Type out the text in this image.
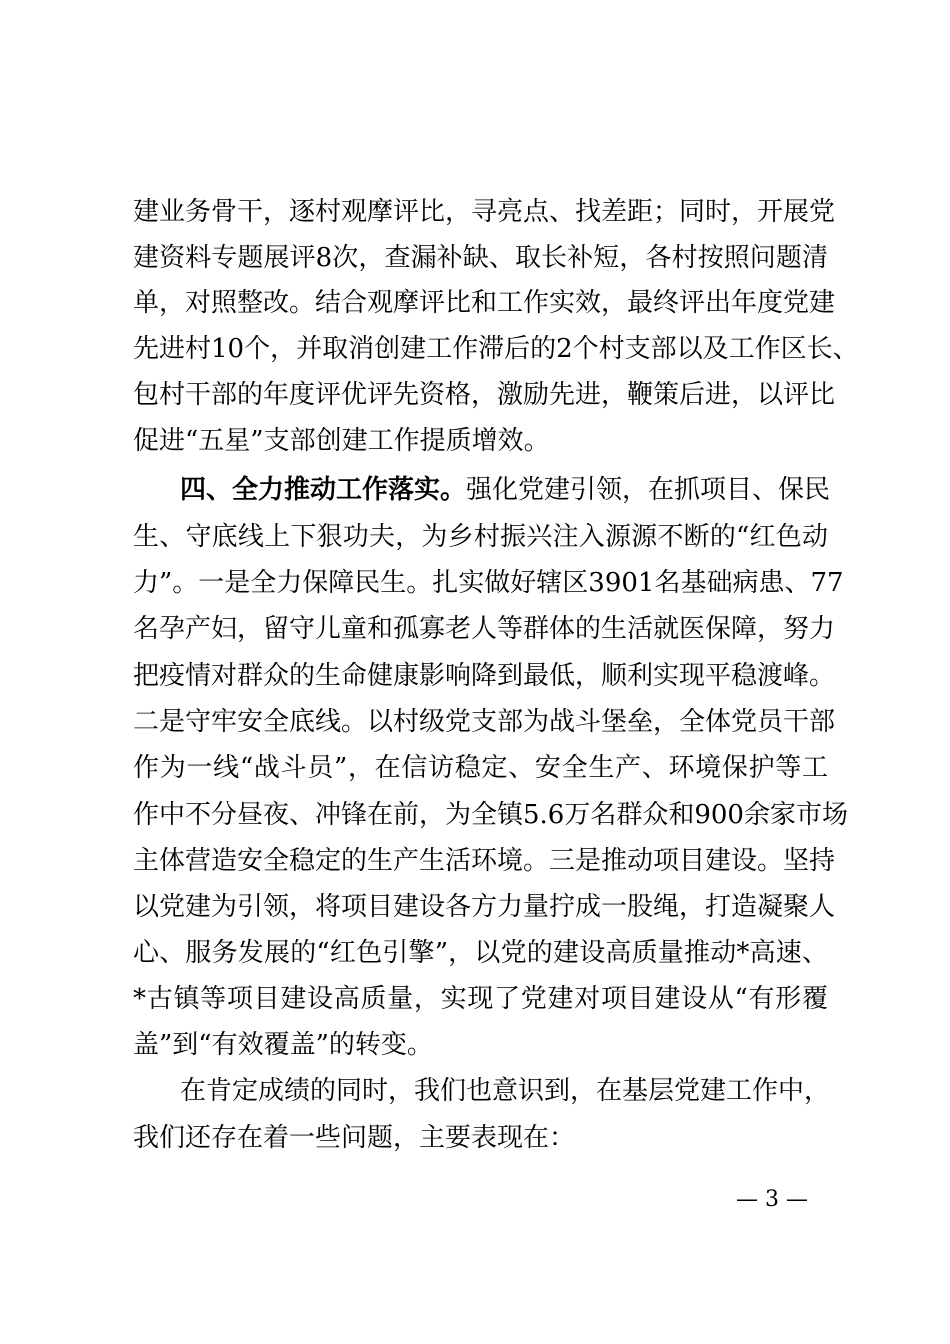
建业务骨干，逐村观摩评比，寻亮点、找差距；同时，开展党
建资料专题展评8次，查漏补缺、取长补短，各村按照问题清
单，对照整改。结合观摩评比和工作实效，最终评出年度党建
先进村10个，并取消创建工作滞后的2个村支部以及工作区长、
包村干部的年度评优评先资格，激励先进，鞭策后进，以评比
促进“五星”支部创建工作提质增效。
四、全力推动工作落实。强化党建引领，在抓项目、保民
生、守底线上下狠功夫，为乡村振兴注入源源不断的“红色动
力”。一是全力保障民生。扎实做好辖区3901名基础病患、77
名孕产妇，留守儿童和孤寡老人等群体的生活就医保障，努力
把疫情对群众的生命健康影响降到最低，顺利实现平稳渡峰。
二是守牢安全底线。以村级党支部为战斗堡垒，全体党员干部
作为一线“战斗员”，在信访稳定、安全生产、环境保护等工
作中不分昼夜、冲锋在前，为全镇5.6万名群众和900余家市场
主体营造安全稳定的生产生活环境。三是推动项目建设。坚持
以党建为引领，将项目建设各方力量拧成一股绳，打造凝聚人
心、服务发展的“红色引擎”，以党的建设高质量推动*高速、
*古镇等项目建设高质量，实现了党建对项目建设从“有形覆
盖”到“有效覆盖”的转变。
在肯定成绩的同时，我们也意识到，在基层党建工作中，
我们还存在着一些问题，主要表现在：
— 3 —
